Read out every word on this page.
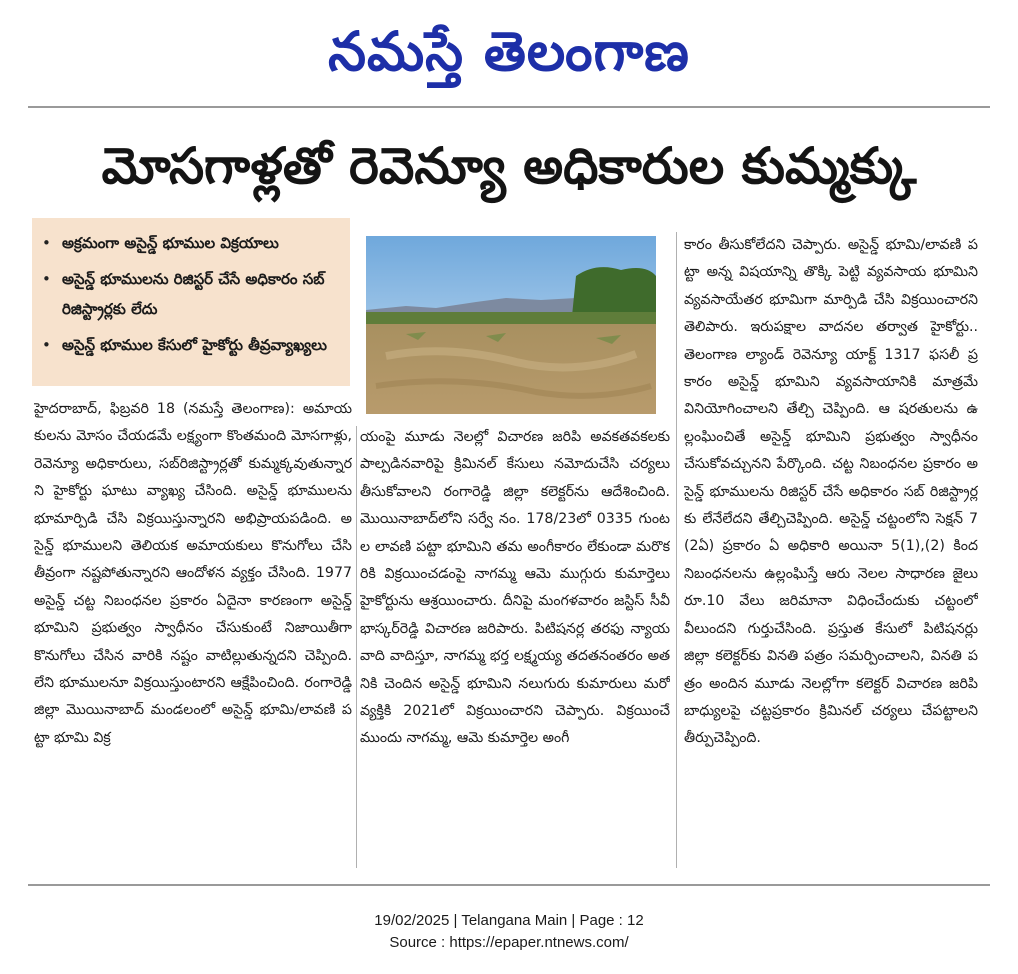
నమస్తే తెలంగాణ
మోసగాళ్లతో రెవెన్యూ అధికారుల కుమ్మక్కు
• అక్రమంగా అసైన్డ్ భూముల విక్రయాలు
• అసైన్డ్ భూములను రిజిస్టర్ చేసే అధికారం సబ్ రిజిస్ట్రార్లకు లేదు
• అసైన్డ్ భూముల కేసులో హైకోర్టు తీవ్రవ్యాఖ్యలు
హైదరాబాద్, ఫిబ్రవరి 18 (నమస్తే తెలంగాణ): అమాయకులను మోసం చేయడమే లక్ష్యంగా కొంతమంది మోసగాళ్లు, రెవెన్యూ అధికారులు, సబ్‌రిజిస్ట్రార్లతో కుమ్మక్కవుతున్నారని హైకోర్టు ఘాటు వ్యాఖ్య చేసింది. అసైన్డ్ భూములను భూమార్పిడి చేసి విక్రయిస్తున్నారని అభిప్రాయపడింది. అసైన్డ్ భూములని తెలియక అమాయకులు కొనుగోలు చేసి తీవ్రంగా నష్టపోతున్నారని ఆందోళన వ్యక్తం చేసింది. 1977 అసైన్డ్ చట్ట నిబంధనల ప్రకారం ఏదైనా కారణంగా అసైన్డ్ భూమిని ప్రభుత్వం స్వాధీనం చేసుకుంటే నిజాయితీగా కొనుగోలు చేసిన వారికి నష్టం వాటిల్లుతున్నదని చెప్పింది. లేని భూములనూ విక్రయిస్తుంటారని ఆక్షేపించింది. రంగారెడ్డి జిల్లా మొయినాబాద్ మండలంలో అసైన్డ్ భూమి/లావణి పట్టా భూమి విక్ర
యంపై మూడు నెలల్లో విచారణ జరిపి అవకతవకలకు పాల్పడినవారిపై క్రిమినల్ కేసులు నమోదుచేసి చర్యలు తీసుకోవాలని రంగారెడ్డి జిల్లా కలెక్టర్‌ను ఆదేశించింది. మొయినాబాద్‌లోని సర్వే నం. 178/23లో 0335 గుంటల లావణి పట్టా భూమిని తమ అంగీకారం లేకుండా మరొకరికి విక్రయించడంపై నాగమ్మ ఆమె ముగ్గురు కుమార్తెలు హైకోర్టును ఆశ్రయించారు. దీనిపై మంగళవారం జస్టిస్ సీవీ భాస్కర్‌రెడ్డి విచారణ జరిపారు. పిటిషనర్ల తరఫు న్యాయవాది వాదిస్తూ, నాగమ్మ భర్త లక్ష్మయ్య తదతనంతరం అతనికి చెందిన అసైన్డ్ భూమిని నలుగురు కుమారులు మరో వ్యక్తికి 2021లో విక్రయించారని చెప్పారు. విక్రయించే ముందు నాగమ్మ, ఆమె కుమార్తెల అంగీ
కారం తీసుకోలేదని చెప్పారు. అసైన్డ్ భూమి/లావణి పట్టా అన్న విషయాన్ని తొక్కి పెట్టి వ్యవసాయ భూమిని వ్యవసాయేతర భూమిగా మార్పిడి చేసి విక్రయించారని తెలిపారు. ఇరుపక్షాల వాదనల తర్వాత హైకోర్టు.. తెలంగాణ ల్యాండ్ రెవెన్యూ యాక్ట్ 1317 ఫసలీ ప్రకారం అసైన్డ్ భూమిని వ్యవసాయానికి మాత్రమే వినియోగించాలని తేల్చి చెప్పింది. ఆ షరతులను ఉల్లంఘించితే అసైన్డ్ భూమిని ప్రభుత్వం స్వాధీనం చేసుకోవచ్చునని పేర్కొంది. చట్ట నిబంధనల ప్రకారం అసైన్డ్ భూములను రిజిస్టర్ చేసే అధికారం సబ్ రిజిస్ట్రార్లకు లేనేలేదని తేల్చిచెప్పింది. అసైన్డ్ చట్టంలోని సెక్షన్ 7 (2ఏ) ప్రకారం ఏ అధికారి అయినా 5(1),(2) కింద నిబంధనలను ఉల్లంఘిస్తే ఆరు నెలల సాధారణ జైలు రూ.10 వేలు జరిమానా విధించేందుకు చట్టంలో వీలుందని గుర్తుచేసింది. ప్రస్తుత కేసులో పిటిషనర్లు జిల్లా కలెక్టర్‌కు వినతి పత్రం సమర్పించాలని, వినతి పత్రం అందిన మూడు నెలల్లోగా కలెక్టర్ విచారణ జరిపి బాధ్యులపై చట్టప్రకారం క్రిమినల్ చర్యలు చేపట్టాలని తీర్పుచెప్పింది.
19/02/2025 | Telangana Main | Page : 12
Source : https://epaper.ntnews.com/
